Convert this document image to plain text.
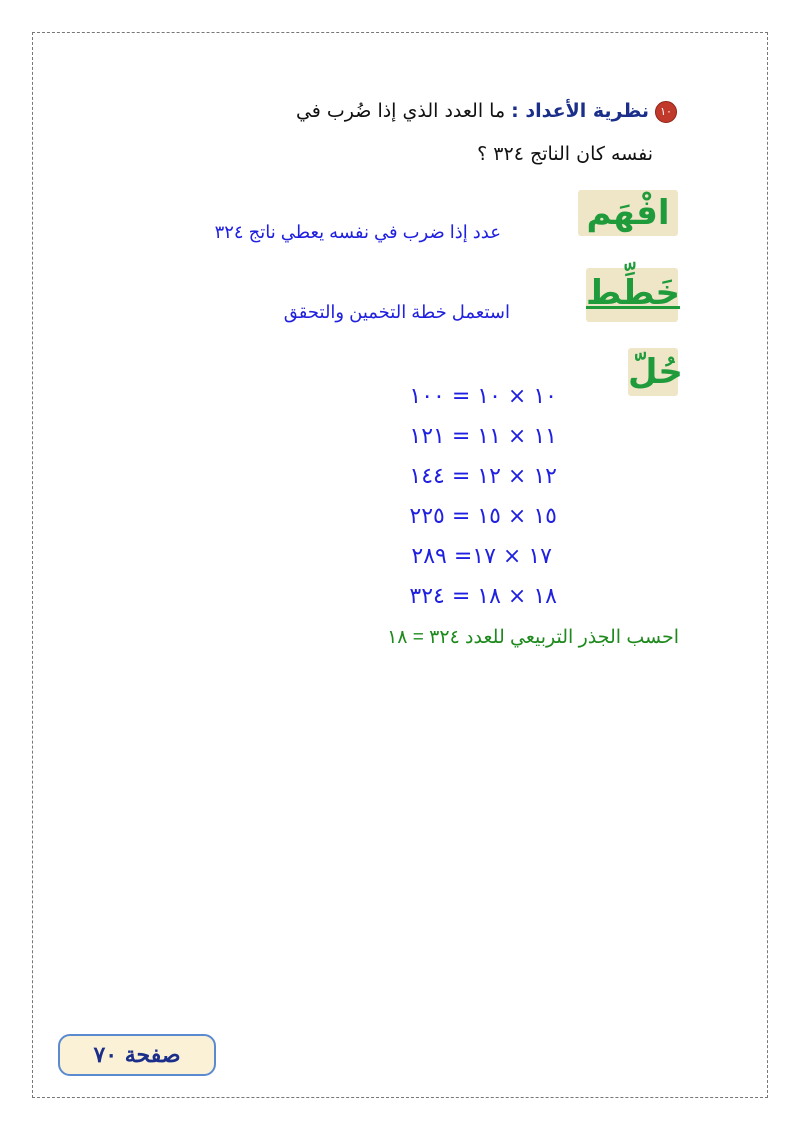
١٠نظرية الأعداد : ما العدد الذي إذا ضُرب في
نفسه كان الناتج ٣٢٤ ؟
افْهَم
عدد إذا ضرب في نفسه يعطي ناتج ٣٢٤
خَطِّط
استعمل خطة التخمين والتحقق
حُلّ
١٠ × ١٠ = ١٠٠
١١ × ١١ = ١٢١
١٢ × ١٢ = ١٤٤
١٥ × ١٥ = ٢٢٥
١٧ × ١٧= ٢٨٩
١٨ × ١٨ = ٣٢٤
احسب الجذر التربيعي للعدد ٣٢٤ = ١٨
صفحة ٧٠
